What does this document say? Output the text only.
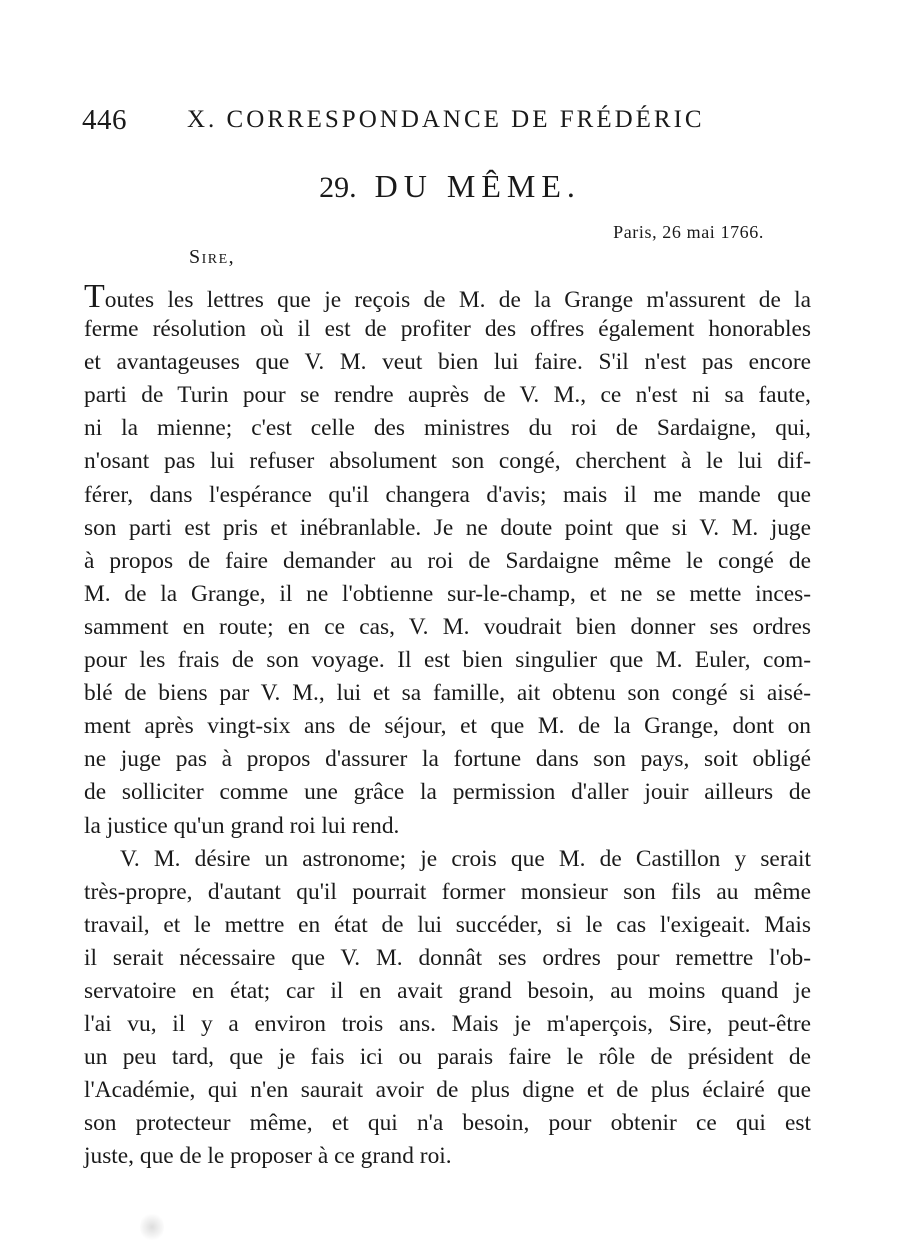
446 X. CORRESPONDANCE DE FRÉDÉRIC
29. DU MÊME.
Paris, 26 mai 1766.
Sire,
Toutes les lettres que je reçois de M. de la Grange m'assurent de la
ferme résolution où il est de profiter des offres également honorables
et avantageuses que V. M. veut bien lui faire. S'il n'est pas encore
parti de Turin pour se rendre auprès de V. M., ce n'est ni sa faute,
ni la mienne; c'est celle des ministres du roi de Sardaigne, qui,
n'osant pas lui refuser absolument son congé, cherchent à le lui dif-
férer, dans l'espérance qu'il changera d'avis; mais il me mande que
son parti est pris et inébranlable. Je ne doute point que si V. M. juge
à propos de faire demander au roi de Sardaigne même le congé de
M. de la Grange, il ne l'obtienne sur-le-champ, et ne se mette inces-
samment en route; en ce cas, V. M. voudrait bien donner ses ordres
pour les frais de son voyage. Il est bien singulier que M. Euler, com-
blé de biens par V. M., lui et sa famille, ait obtenu son congé si aisé-
ment après vingt-six ans de séjour, et que M. de la Grange, dont on
ne juge pas à propos d'assurer la fortune dans son pays, soit obligé
de solliciter comme une grâce la permission d'aller jouir ailleurs de
la justice qu'un grand roi lui rend.
V. M. désire un astronome; je crois que M. de Castillon y serait
très-propre, d'autant qu'il pourrait former monsieur son fils au même
travail, et le mettre en état de lui succéder, si le cas l'exigeait. Mais
il serait nécessaire que V. M. donnât ses ordres pour remettre l'ob-
servatoire en état; car il en avait grand besoin, au moins quand je
l'ai vu, il y a environ trois ans. Mais je m'aperçois, Sire, peut-être
un peu tard, que je fais ici ou parais faire le rôle de président de
l'Académie, qui n'en saurait avoir de plus digne et de plus éclairé que
son protecteur même, et qui n'a besoin, pour obtenir ce qui est
juste, que de le proposer à ce grand roi.
